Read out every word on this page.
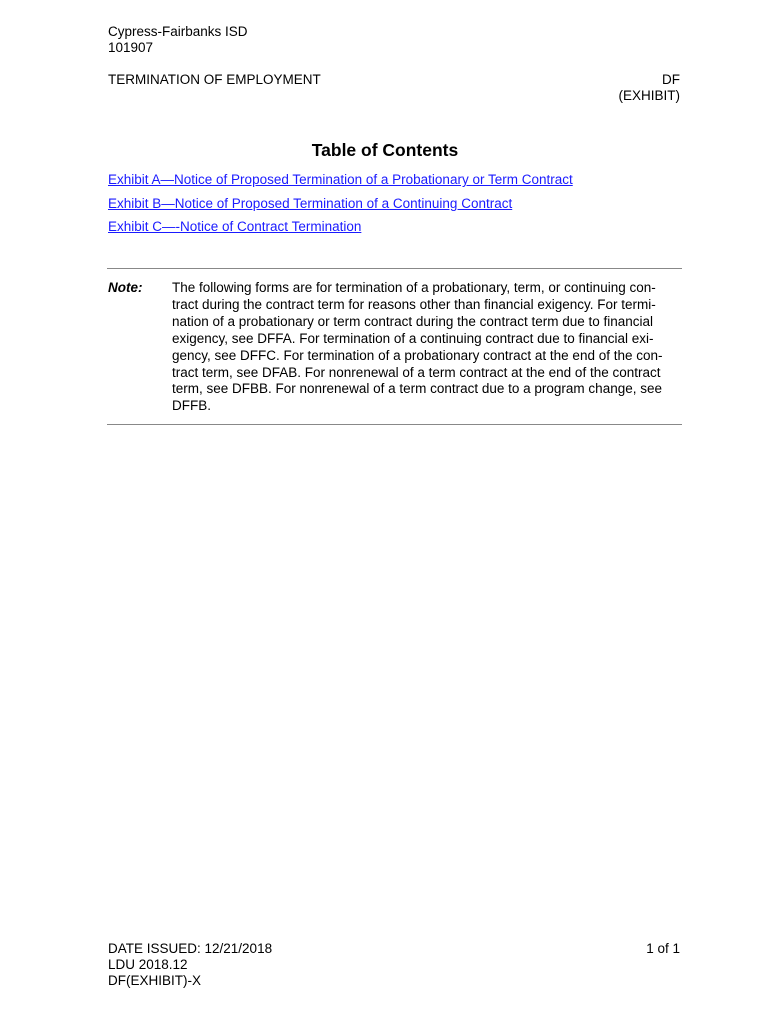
Cypress-Fairbanks ISD
101907
TERMINATION OF EMPLOYMENT	DF
(EXHIBIT)
Table of Contents
Exhibit A—Notice of Proposed Termination of a Probationary or Term Contract
Exhibit B—Notice of Proposed Termination of a Continuing Contract
Exhibit C—-Notice of Contract Termination
Note: The following forms are for termination of a probationary, term, or continuing con-
tract during the contract term for reasons other than financial exigency. For termi-
nation of a probationary or term contract during the contract term due to financial
exigency, see DFFA. For termination of a continuing contract due to financial exi-
gency, see DFFC. For termination of a probationary contract at the end of the con-
tract term, see DFAB. For nonrenewal of a term contract at the end of the contract
term, see DFBB. For nonrenewal of a term contract due to a program change, see
DFFB.
DATE ISSUED: 12/21/2018
LDU 2018.12
DF(EXHIBIT)-X
1 of 1
